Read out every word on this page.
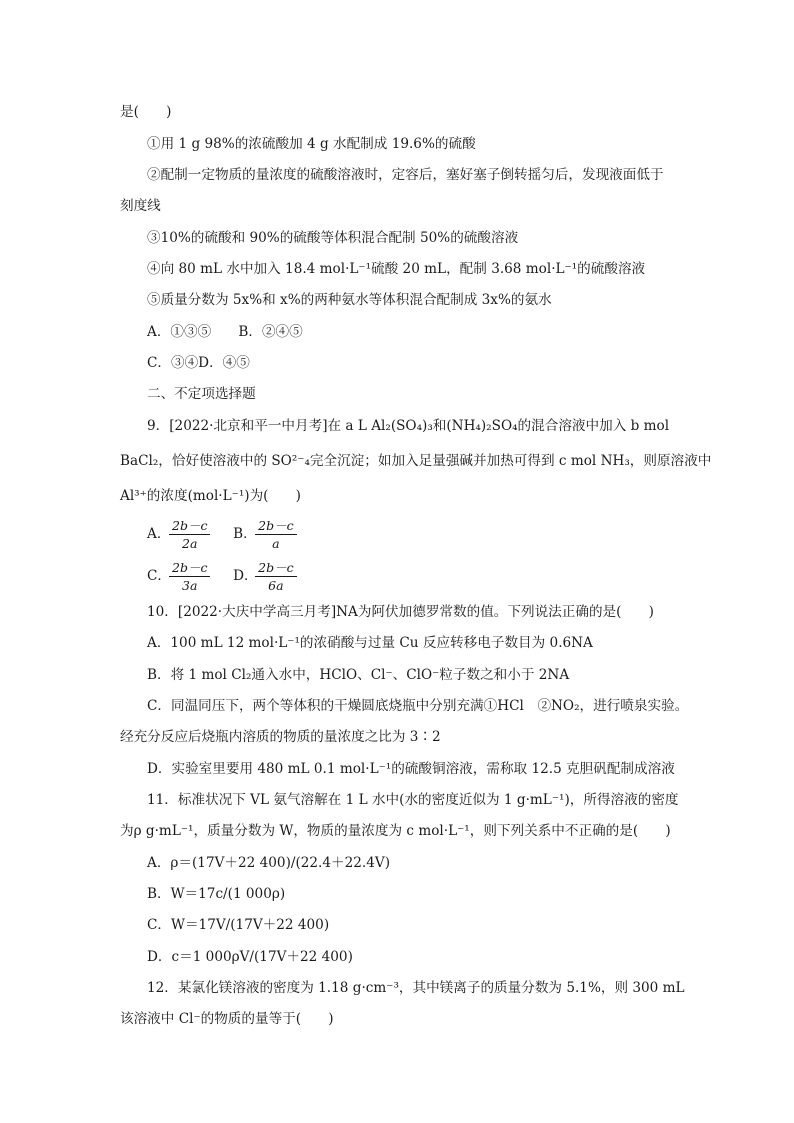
是(　　)
①用 1 g 98%的浓硫酸加 4 g 水配制成 19.6%的硫酸
②配制一定物质的量浓度的硫酸溶液时，定容后，塞好塞子倒转摇匀后，发现液面低于
刻度线
③10%的硫酸和 90%的硫酸等体积混合配制 50%的硫酸溶液
④向 80 mL 水中加入 18.4 mol·L⁻¹硫酸 20 mL，配制 3.68 mol·L⁻¹的硫酸溶液
⑤质量分数为 5x%和 x%的两种氨水等体积混合配制成 3x%的氨水
A．①③⑤　　B．②④⑤
C．③④D．④⑤
二、不定项选择题
9．[2022·北京和平一中月考]在 a L Al₂(SO₄)₃和(NH₄)₂SO₄的混合溶液中加入 b mol
BaCl₂，恰好使溶液中的 SO²⁻₄完全沉淀；如加入足量强碱并加热可得到 c mol NH₃，则原溶液中
Al³⁺的浓度(mol·L⁻¹)为(　　)
A．
$\frac{2b-c}{2a}$ B．
$\frac{2b-c}{a}$
C．
$\frac{2b-c}{3a}$ D．
$\frac{2b-c}{6a}$
10．[2022·大庆中学高三月考]NA为阿伏加德罗常数的值。下列说法正确的是(　　)
A．100 mL 12 mol·L⁻¹的浓硝酸与过量 Cu 反应转移电子数目为 0.6NA
B．将 1 mol Cl₂通入水中，HClO、Cl⁻、ClO⁻粒子数之和小于 2NA
C．同温同压下，两个等体积的干燥圆底烧瓶中分别充满①HCl　②NO₂，进行喷泉实验。
经充分反应后烧瓶内溶质的物质的量浓度之比为 3∶2
D．实验室里要用 480 mL 0.1 mol·L⁻¹的硫酸铜溶液，需称取 12.5 克胆矾配制成溶液
11．标准状况下 VL 氨气溶解在 1 L 水中(水的密度近似为 1 g·mL⁻¹)，所得溶液的密度
为ρ g·mL⁻¹，质量分数为 W，物质的量浓度为 c mol·L⁻¹，则下列关系中不正确的是(　　)
A．ρ＝(17V＋22 400)/(22.4＋22.4V)
B．W＝17c/(1 000ρ)
C．W＝17V/(17V＋22 400)
D．c＝1 000ρV/(17V＋22 400)
12．某氯化镁溶液的密度为 1.18 g·cm⁻³，其中镁离子的质量分数为 5.1%，则 300 mL
该溶液中 Cl⁻的物质的量等于(　　)
